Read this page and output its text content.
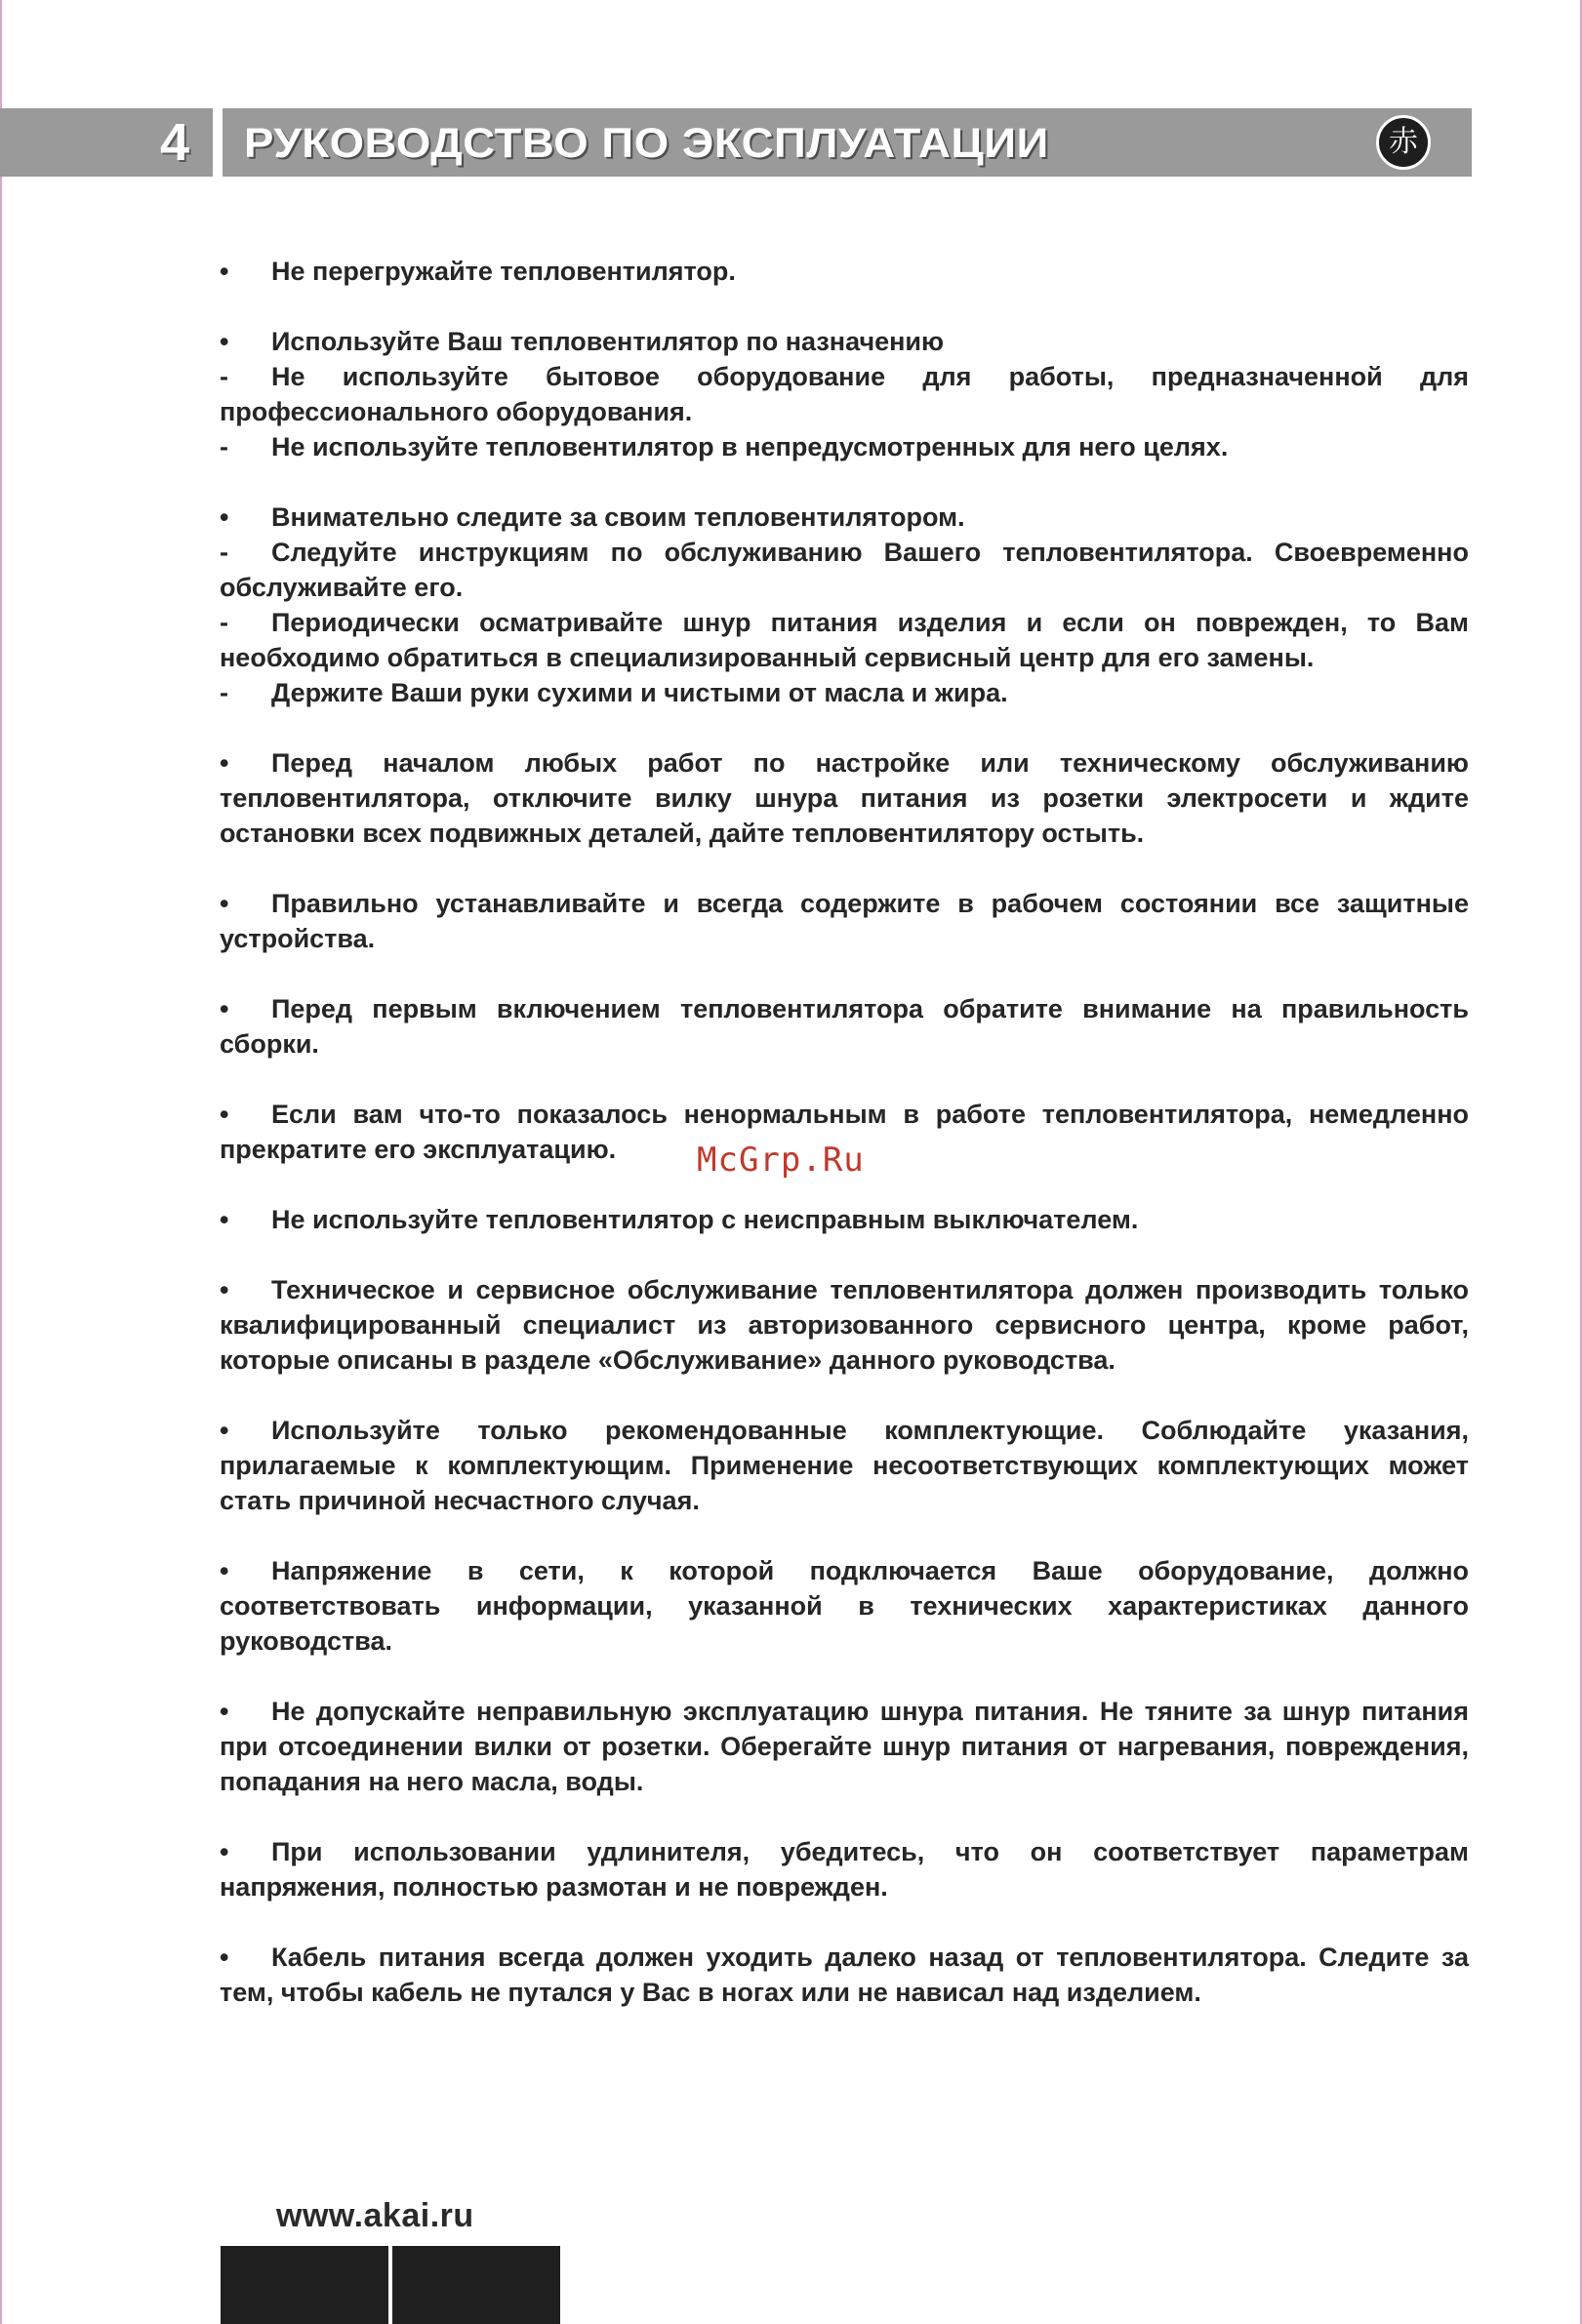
4 РУКОВОДСТВО ПО ЭКСПЛУАТАЦИИ	赤
• Не перегружайте тепловентилятор.
• Используйте Ваш тепловентилятор по назначению
- Не используйте бытовое оборудование для работы, предназначенной для профессионального оборудования.
- Не используйте тепловентилятор в непредусмотренных для него целях.
• Внимательно следите за своим тепловентилятором.
- Следуйте инструкциям по обслуживанию Вашего тепловентилятора. Своевременно обслуживайте его.
- Периодически осматривайте шнур питания изделия и если он поврежден, то Вам необходимо обратиться в специализированный сервисный центр для его замены.
- Держите Ваши руки сухими и чистыми от масла и жира.
• Перед началом любых работ по настройке или техническому обслуживанию тепловентилятора, отключите вилку шнура питания из розетки электросети и ждите остановки всех подвижных деталей, дайте тепловентилятору остыть.
• Правильно устанавливайте и всегда содержите в рабочем состоянии все защитные устройства.
• Перед первым включением тепловентилятора обратите внимание на правильность сборки.
• Если вам что-то показалось ненормальным в работе тепловентилятора, немедленно прекратите его эксплуатацию.
• Не используйте тепловентилятор с неисправным выключателем.
• Техническое и сервисное обслуживание тепловентилятора должен производить только квалифицированный специалист из авторизованного сервисного центра, кроме работ, которые описаны в разделе «Обслуживание» данного руководства.
• Используйте только рекомендованные комплектующие. Соблюдайте указания, прилагаемые к комплектующим. Применение несоответствующих комплектующих может стать причиной несчастного случая.
• Напряжение в сети, к которой подключается Ваше оборудование, должно соответствовать информации, указанной в технических характеристиках данного руководства.
• Не допускайте неправильную эксплуатацию шнура питания. Не тяните за шнур питания при отсоединении вилки от розетки. Оберегайте шнур питания от нагревания, повреждения, попадания на него масла, воды.
• При использовании удлинителя, убедитесь, что он соответствует параметрам напряжения, полностью размотан и не поврежден.
• Кабель питания всегда должен уходить далеко назад от тепловентилятора. Следите за тем, чтобы кабель не путался у Вас в ногах или не нависал над изделием.
McGrp.Ru
www.akai.ru
